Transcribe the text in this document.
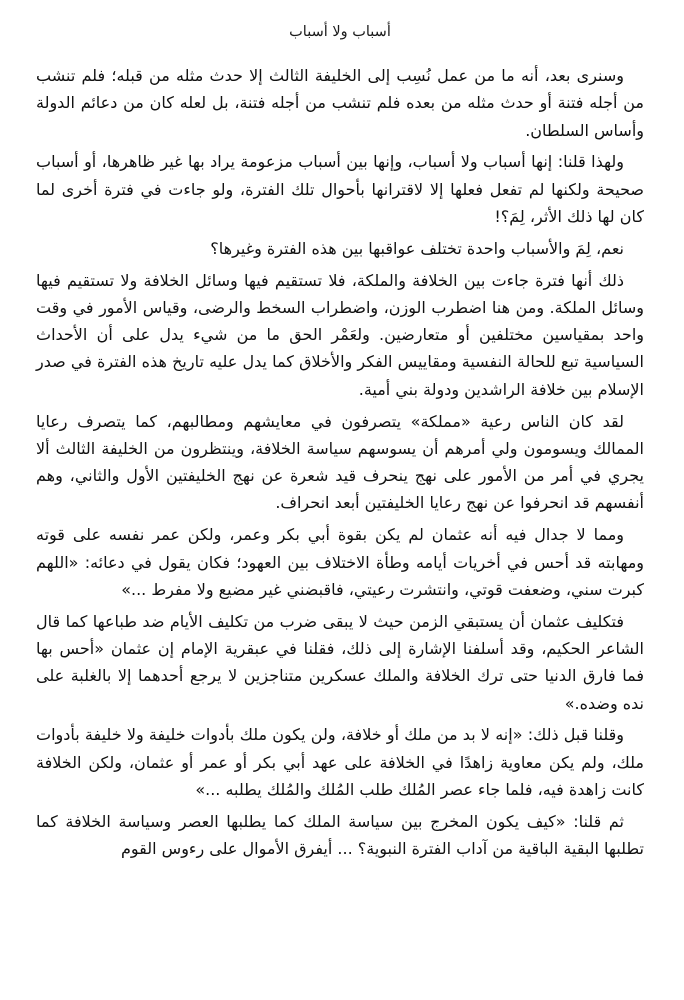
أسباب ولا أسباب

وسنرى بعد، أنه ما من عمل نُسِب إلى الخليفة الثالث إلا حدث مثله من قبله؛ فلم تنشب من أجله فتنة أو حدث مثله من بعده فلم تنشب من أجله فتنة، بل لعله كان من دعائم الدولة وأساس السلطان.

ولهذا قلنا: إنها أسباب ولا أسباب، وإنها بين أسباب مزعومة يراد بها غير ظاهرها، أو أسباب صحيحة ولكنها لم تفعل فعلها إلا لاقترانها بأحوال تلك الفترة، ولو جاءت في فترة أخرى لما كان لها ذلك الأثر، لِمَ؟!

نعم، لِمَ والأسباب واحدة تختلف عواقبها بين هذه الفترة وغيرها؟

ذلك أنها فترة جاءت بين الخلافة والملكة، فلا تستقيم فيها وسائل الخلافة ولا تستقيم فيها وسائل الملكة. ومن هنا اضطرب الوزن، واضطراب السخط والرضى، وقياس الأمور في وقت واحد بمقياسين مختلفين أو متعارضين. ولعَمْر الحق ما من شيء يدل على أن الأحداث السياسية تبع للحالة النفسية ومقاييس الفكر والأخلاق كما يدل عليه تاريخ هذه الفترة في صدر الإسلام بين خلافة الراشدين ودولة بني أمية.

لقد كان الناس رعية «مملكة» يتصرفون في معايشهم ومطالبهم، كما يتصرف رعايا الممالك ويسومون ولي أمرهم أن يسوسهم سياسة الخلافة، وينتظرون من الخليفة الثالث ألا يجري في أمر من الأمور على نهج ينحرف قيد شعرة عن نهج الخليفتين الأول والثاني، وهم أنفسهم قد انحرفوا عن نهج رعايا الخليفتين أبعد انحراف.

ومما لا جدال فيه أنه عثمان لم يكن بقوة أبي بكر وعمر، ولكن عمر نفسه على قوته ومهابته قد أحس في أخريات أيامه وطأة الاختلاف بين العهود؛ فكان يقول في دعائه: «اللهم كبرت سني، وضعفت قوتي، وانتشرت رعيتي، فاقبضني غير مضيع ولا مفرط ...»

فتكليف عثمان أن يستبقي الزمن حيث لا يبقى ضرب من تكليف الأيام ضد طباعها كما قال الشاعر الحكيم، وقد أسلفنا الإشارة إلى ذلك، فقلنا في عبقرية الإمام إن عثمان «أحس بها فما فارق الدنيا حتى ترك الخلافة والملك عسكرين متناجزين لا يرجع أحدهما إلا بالغلبة على نده وضده.»

وقلنا قبل ذلك: «إنه لا بد من ملك أو خلافة، ولن يكون ملك بأدوات خليفة ولا خليفة بأدوات ملك، ولم يكن معاوية زاهدًا في الخلافة على عهد أبي بكر أو عمر أو عثمان، ولكن الخلافة كانت زاهدة فيه، فلما جاء عصر المُلك طلب المُلك والمُلك يطلبه ...»

ثم قلنا: «كيف يكون المخرج بين سياسة الملك كما يطلبها العصر وسياسة الخلافة كما تطلبها البقية الباقية من آداب الفترة النبوية؟ ... أيفرق الأموال على رءوس القوم
